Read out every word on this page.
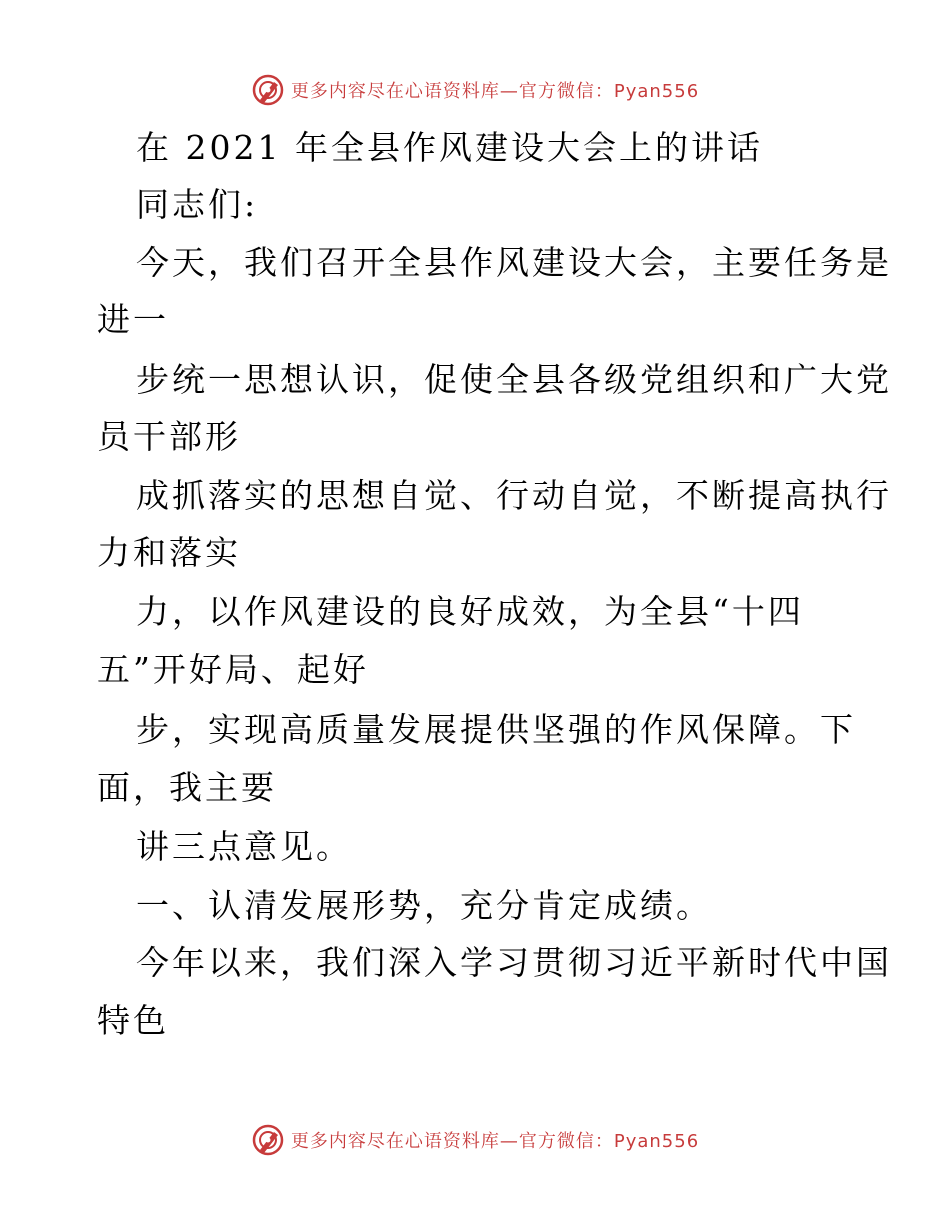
更多内容尽在心语资料库—官方微信：Pyan556

在 2021 年全县作风建设大会上的讲话

同志们:

今天，我们召开全县作风建设大会，主要任务是

进一

步统一思想认识，促使全县各级党组织和广大党

员干部形

成抓落实的思想自觉、行动自觉，不断提高执行

力和落实

力，以作风建设的良好成效，为全县“十四

五”开好局、起好

步，实现高质量发展提供坚强的作风保障。下

面，我主要

讲三点意见。

一、认清发展形势，充分肯定成绩。

今年以来，我们深入学习贯彻习近平新时代中国

特色

更多内容尽在心语资料库—官方微信：Pyan556
